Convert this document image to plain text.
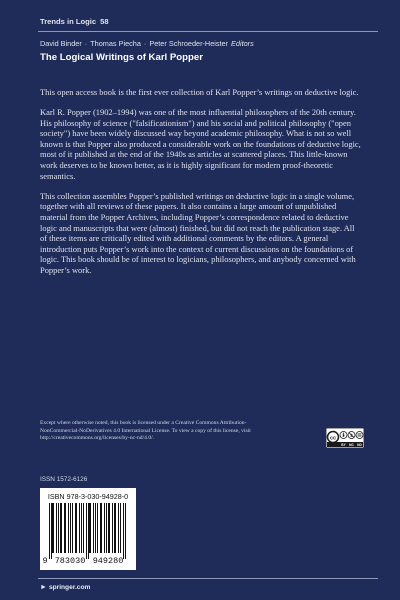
Trends in Logic 58
David Binder · Thomas Piecha · Peter Schroeder-Heister Editors
The Logical Writings of Karl Popper

This open access book is the first ever collection of Karl Popper’s writings on deductive logic.

Karl R. Popper (1902–1994) was one of the most influential philosophers of the 20th century. His philosophy of science ("falsificationism") and his social and political philosophy ("open society") have been widely discussed way beyond academic philosophy. What is not so well known is that Popper also produced a considerable work on the foundations of deductive logic, most of it published at the end of the 1940s as articles at scattered places. This little-known work deserves to be known better, as it is highly significant for modern proof-theoretic semantics.

This collection assembles Popper’s published writings on deductive logic in a single volume, together with all reviews of these papers. It also contains a large amount of unpublished material from the Popper Archives, including Popper’s correspondence related to deductive logic and manuscripts that were (almost) finished, but did not reach the publication stage. All of these items are critically edited with additional comments by the editors. A general introduction puts Popper’s work into the context of current discussions on the foundations of logic. This book should be of interest to logicians, philosophers, and anybody concerned with Popper’s work.

Except where otherwise noted, this book is licensed under a Creative Commons Attribution-NonCommercial-NoDerivatives 4.0 International License. To view a copy of this license, visit http://creativecommons.org/licenses/by-nc-nd/4.0/.	cc
BY NC ND
ISSN 1572-6126
► springer.com
ISBN 978-3-030-94928-0
9 783030 949280
